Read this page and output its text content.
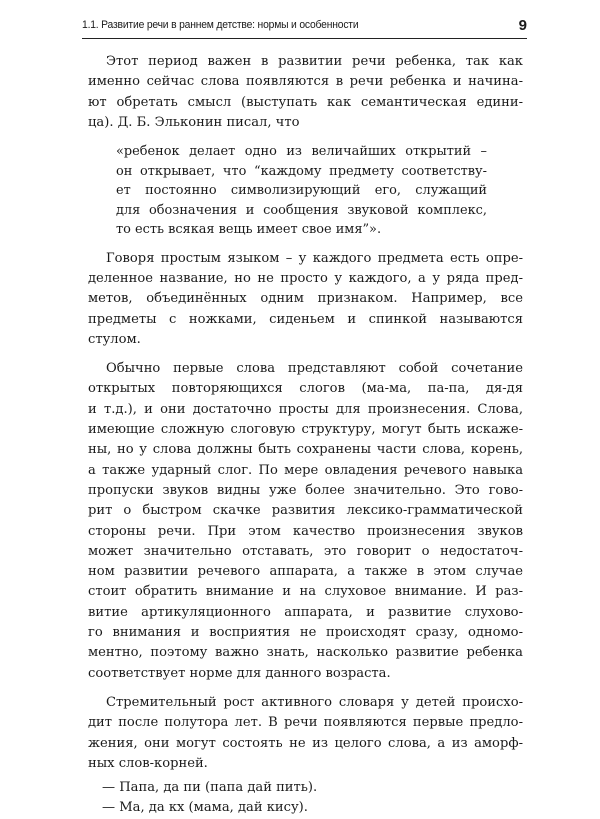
1.1. Развитие речи в раннем детстве: нормы и особенности	9
Этот период важен в развитии речи ребенка, так как
именно сейчас слова появляются в речи ребенка и начина-
ют обретать смысл (выступать как семантическая едини-
ца). Д. Б. Эльконин писал, что
«ребенок делает одно из величайших открытий –
он открывает, что “каждому предмету соответству-
ет постоянно символизирующий его, служащий
для обозначения и сообщения звуковой комплекс,
то есть всякая вещь имеет свое имя”».
Говоря простым языком – у каждого предмета есть опре-
деленное название, но не просто у каждого, а у ряда пред-
метов, объединённых одним признаком. Например, все
предметы с ножками, сиденьем и спинкой называются
стулом.
Обычно первые слова представляют собой сочетание
открытых повторяющихся слогов (ма-ма, па-па, дя-дя
и т.д.), и они достаточно просты для произнесения. Слова,
имеющие сложную слоговую структуру, могут быть искаже-
ны, но у слова должны быть сохранены части слова, корень,
а также ударный слог. По мере овладения речевого навыка
пропуски звуков видны уже более значительно. Это гово-
рит о быстром скачке развития лексико-грамматической
стороны речи. При этом качество произнесения звуков
может значительно отставать, это говорит о недостаточ-
ном развитии речевого аппарата, а также в этом случае
стоит обратить внимание и на слуховое внимание. И раз-
витие артикуляционного аппарата, и развитие слухово-
го внимания и восприятия не происходят сразу, одномо-
ментно, поэтому важно знать, насколько развитие ребенка
соответствует норме для данного возраста.
Стремительный рост активного словаря у детей происхо-
дит после полутора лет. В речи появляются первые предло-
жения, они могут состоять не из целого слова, а из аморф-
ных слов-корней.
— Папа, да пи (папа дай пить).
— Ма, да кх (мама, дай кису).
